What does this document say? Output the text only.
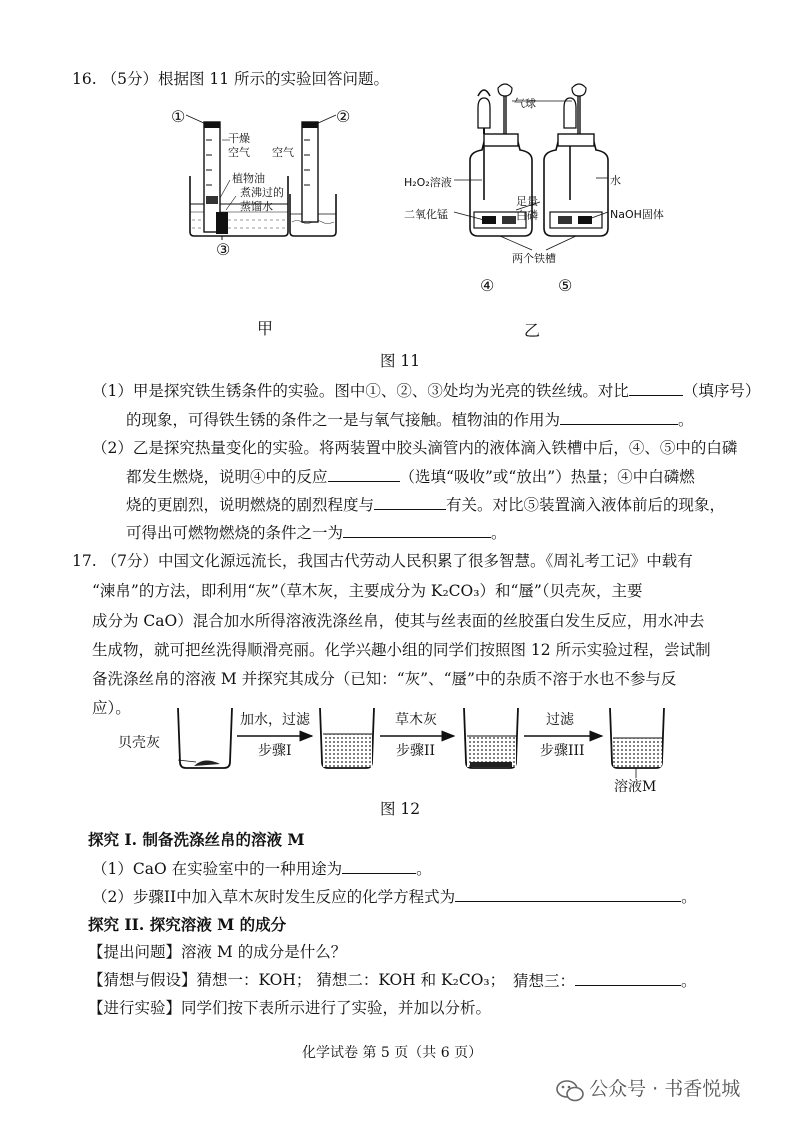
16. （5分）根据图 11 所示的实验回答问题。
①	②
③
干燥
空气 空气
植物油
煮沸过的
蒸馏水
甲
气球
H₂O₂溶液	水
足量
白磷
二氧化锰	NaOH固体
两个铁槽
④	⑤
乙
图 11
（1）甲是探究铁生锈条件的实验。图中①、②、③处均为光亮的铁丝绒。对比	（填序号）
的现象，可得铁生锈的条件之一是与氧气接触。植物油的作用为	。
（2）乙是探究热量变化的实验。将两装置中胶头滴管内的液体滴入铁槽中后，④、⑤中的白磷
都发生燃烧，说明④中的反应	（选填“吸收”或“放出”）热量；④中白磷燃
烧的更剧烈，说明燃烧的剧烈程度与	有关。对比⑤装置滴入液体前后的现象，
可得出可燃物燃烧的条件之一为	。
17. （7分）中国文化源远流长，我国古代劳动人民积累了很多智慧。《周礼考工记》中载有
“湅帛”的方法，即利用“灰”（草木灰，主要成分为 K₂CO₃）和“蜃”（贝壳灰，主要
成分为 CaO）混合加水所得溶液洗涤丝帛，使其与丝表面的丝胶蛋白发生反应，用水冲去
生成物，就可把丝洗得顺滑亮丽。化学兴趣小组的同学们按照图 12 所示实验过程，尝试制
备洗涤丝帛的溶液 M 并探究其成分（已知：“灰”、“蜃”中的杂质不溶于水也不参与反
应）。
贝壳灰
加水，过滤
步骤I
草木灰
步骤II
过滤
步骤III
溶液M
图 12
探究 I. 制备洗涤丝帛的溶液 M
（1）CaO 在实验室中的一种用途为	。
（2）步骤II中加入草木灰时发生反应的化学方程式为	。
探究 II. 探究溶液 M 的成分
【提出问题】溶液 M 的成分是什么？
【猜想与假设】猜想一：KOH； 猜想二：KOH 和 K₂CO₃； 猜想三：	。
【进行实验】同学们按下表所示进行了实验，并加以分析。
化学试卷 第 5 页（共 6 页）
公众号 · 书香悦城
